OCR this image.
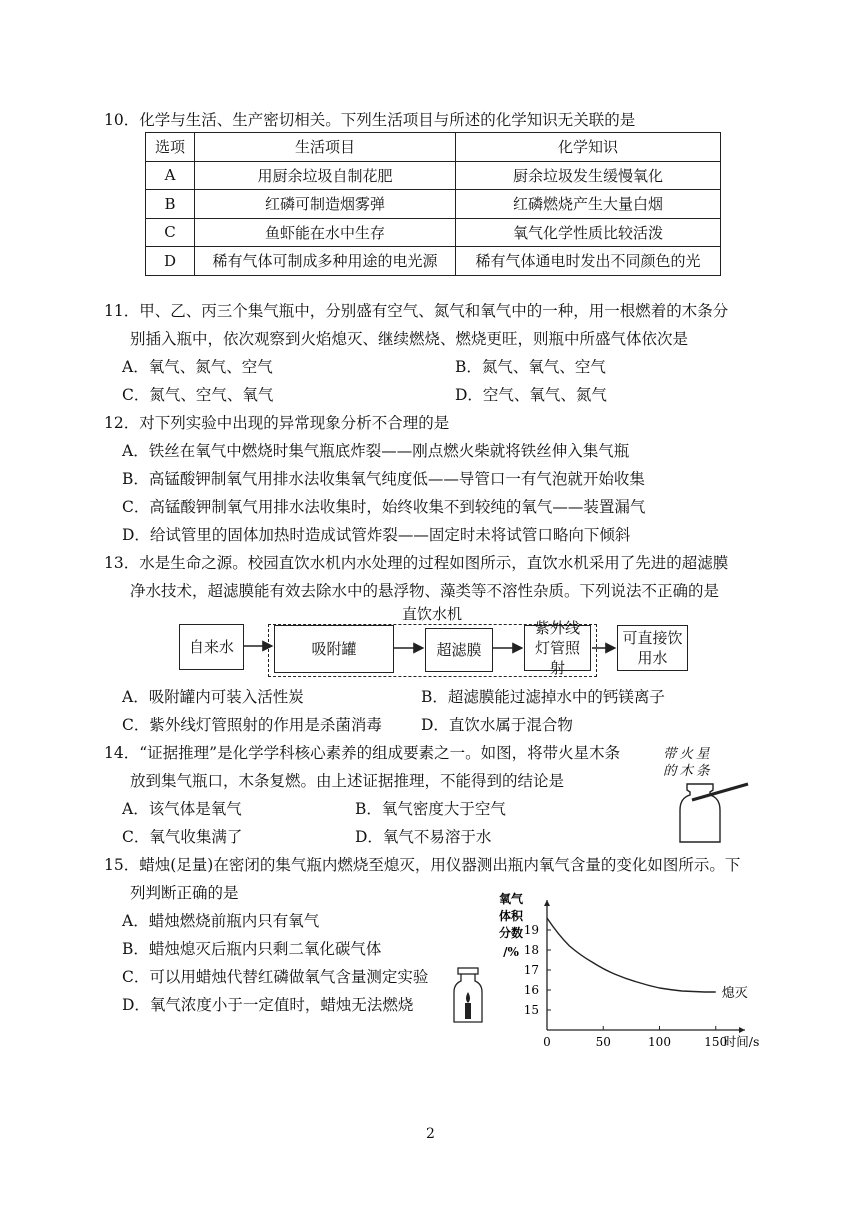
10．化学与生活、生产密切相关。下列生活项目与所述的化学知识无关联的是
选项	生活项目	化学知识
A	用厨余垃圾自制花肥	厨余垃圾发生缓慢氧化
B	红磷可制造烟雾弹	红磷燃烧产生大量白烟
C	鱼虾能在水中生存	氧气化学性质比较活泼
D	稀有气体可制成多种用途的电光源	稀有气体通电时发出不同颜色的光
11．甲、乙、丙三个集气瓶中，分别盛有空气、氮气和氧气中的一种，用一根燃着的木条分
别插入瓶中，依次观察到火焰熄灭、继续燃烧、燃烧更旺，则瓶中所盛气体依次是
A．氧气、氮气、空气	B．氮气、氧气、空气
C．氮气、空气、氧气	D．空气、氧气、氮气
12．对下列实验中出现的异常现象分析不合理的是
A．铁丝在氧气中燃烧时集气瓶底炸裂——刚点燃火柴就将铁丝伸入集气瓶
B．高锰酸钾制氧气用排水法收集氧气纯度低——导管口一有气泡就开始收集
C．高锰酸钾制氧气用排水法收集时，始终收集不到较纯的氧气——装置漏气
D．给试管里的固体加热时造成试管炸裂——固定时未将试管口略向下倾斜
13．水是生命之源。校园直饮水机内水处理的过程如图所示，直饮水机采用了先进的超滤膜
净水技术，超滤膜能有效去除水中的悬浮物、藻类等不溶性杂质。下列说法不正确的是
直饮水机
自来水	吸附罐	超滤膜
紫外线灯管照射
可直接饮用水
A．吸附罐内可装入活性炭	B．超滤膜能过滤掉水中的钙镁离子
C．紫外线灯管照射的作用是杀菌消毒	D．直饮水属于混合物
14．“证据推理”是化学学科核心素养的组成要素之一。如图，将带火星木条
放到集气瓶口，木条复燃。由上述证据推理，不能得到的结论是
A．该气体是氧气	B．氧气密度大于空气
C．氧气收集满了	D．氧气不易溶于水
带火星的木条
15．蜡烛(足量)在密闭的集气瓶内燃烧至熄灭，用仪器测出瓶内氧气含量的变化如图所示。下
列判断正确的是
A．蜡烛燃烧前瓶内只有氧气
B．蜡烛熄灭后瓶内只剩二氧化碳气体
C．可以用蜡烛代替红磷做氧气含量测定实验
D．氧气浓度小于一定值时，蜡烛无法燃烧
氧气
体积
分数
/%
0	50	100	150
15
16
17
18
19
时间/s
熄灭
2
